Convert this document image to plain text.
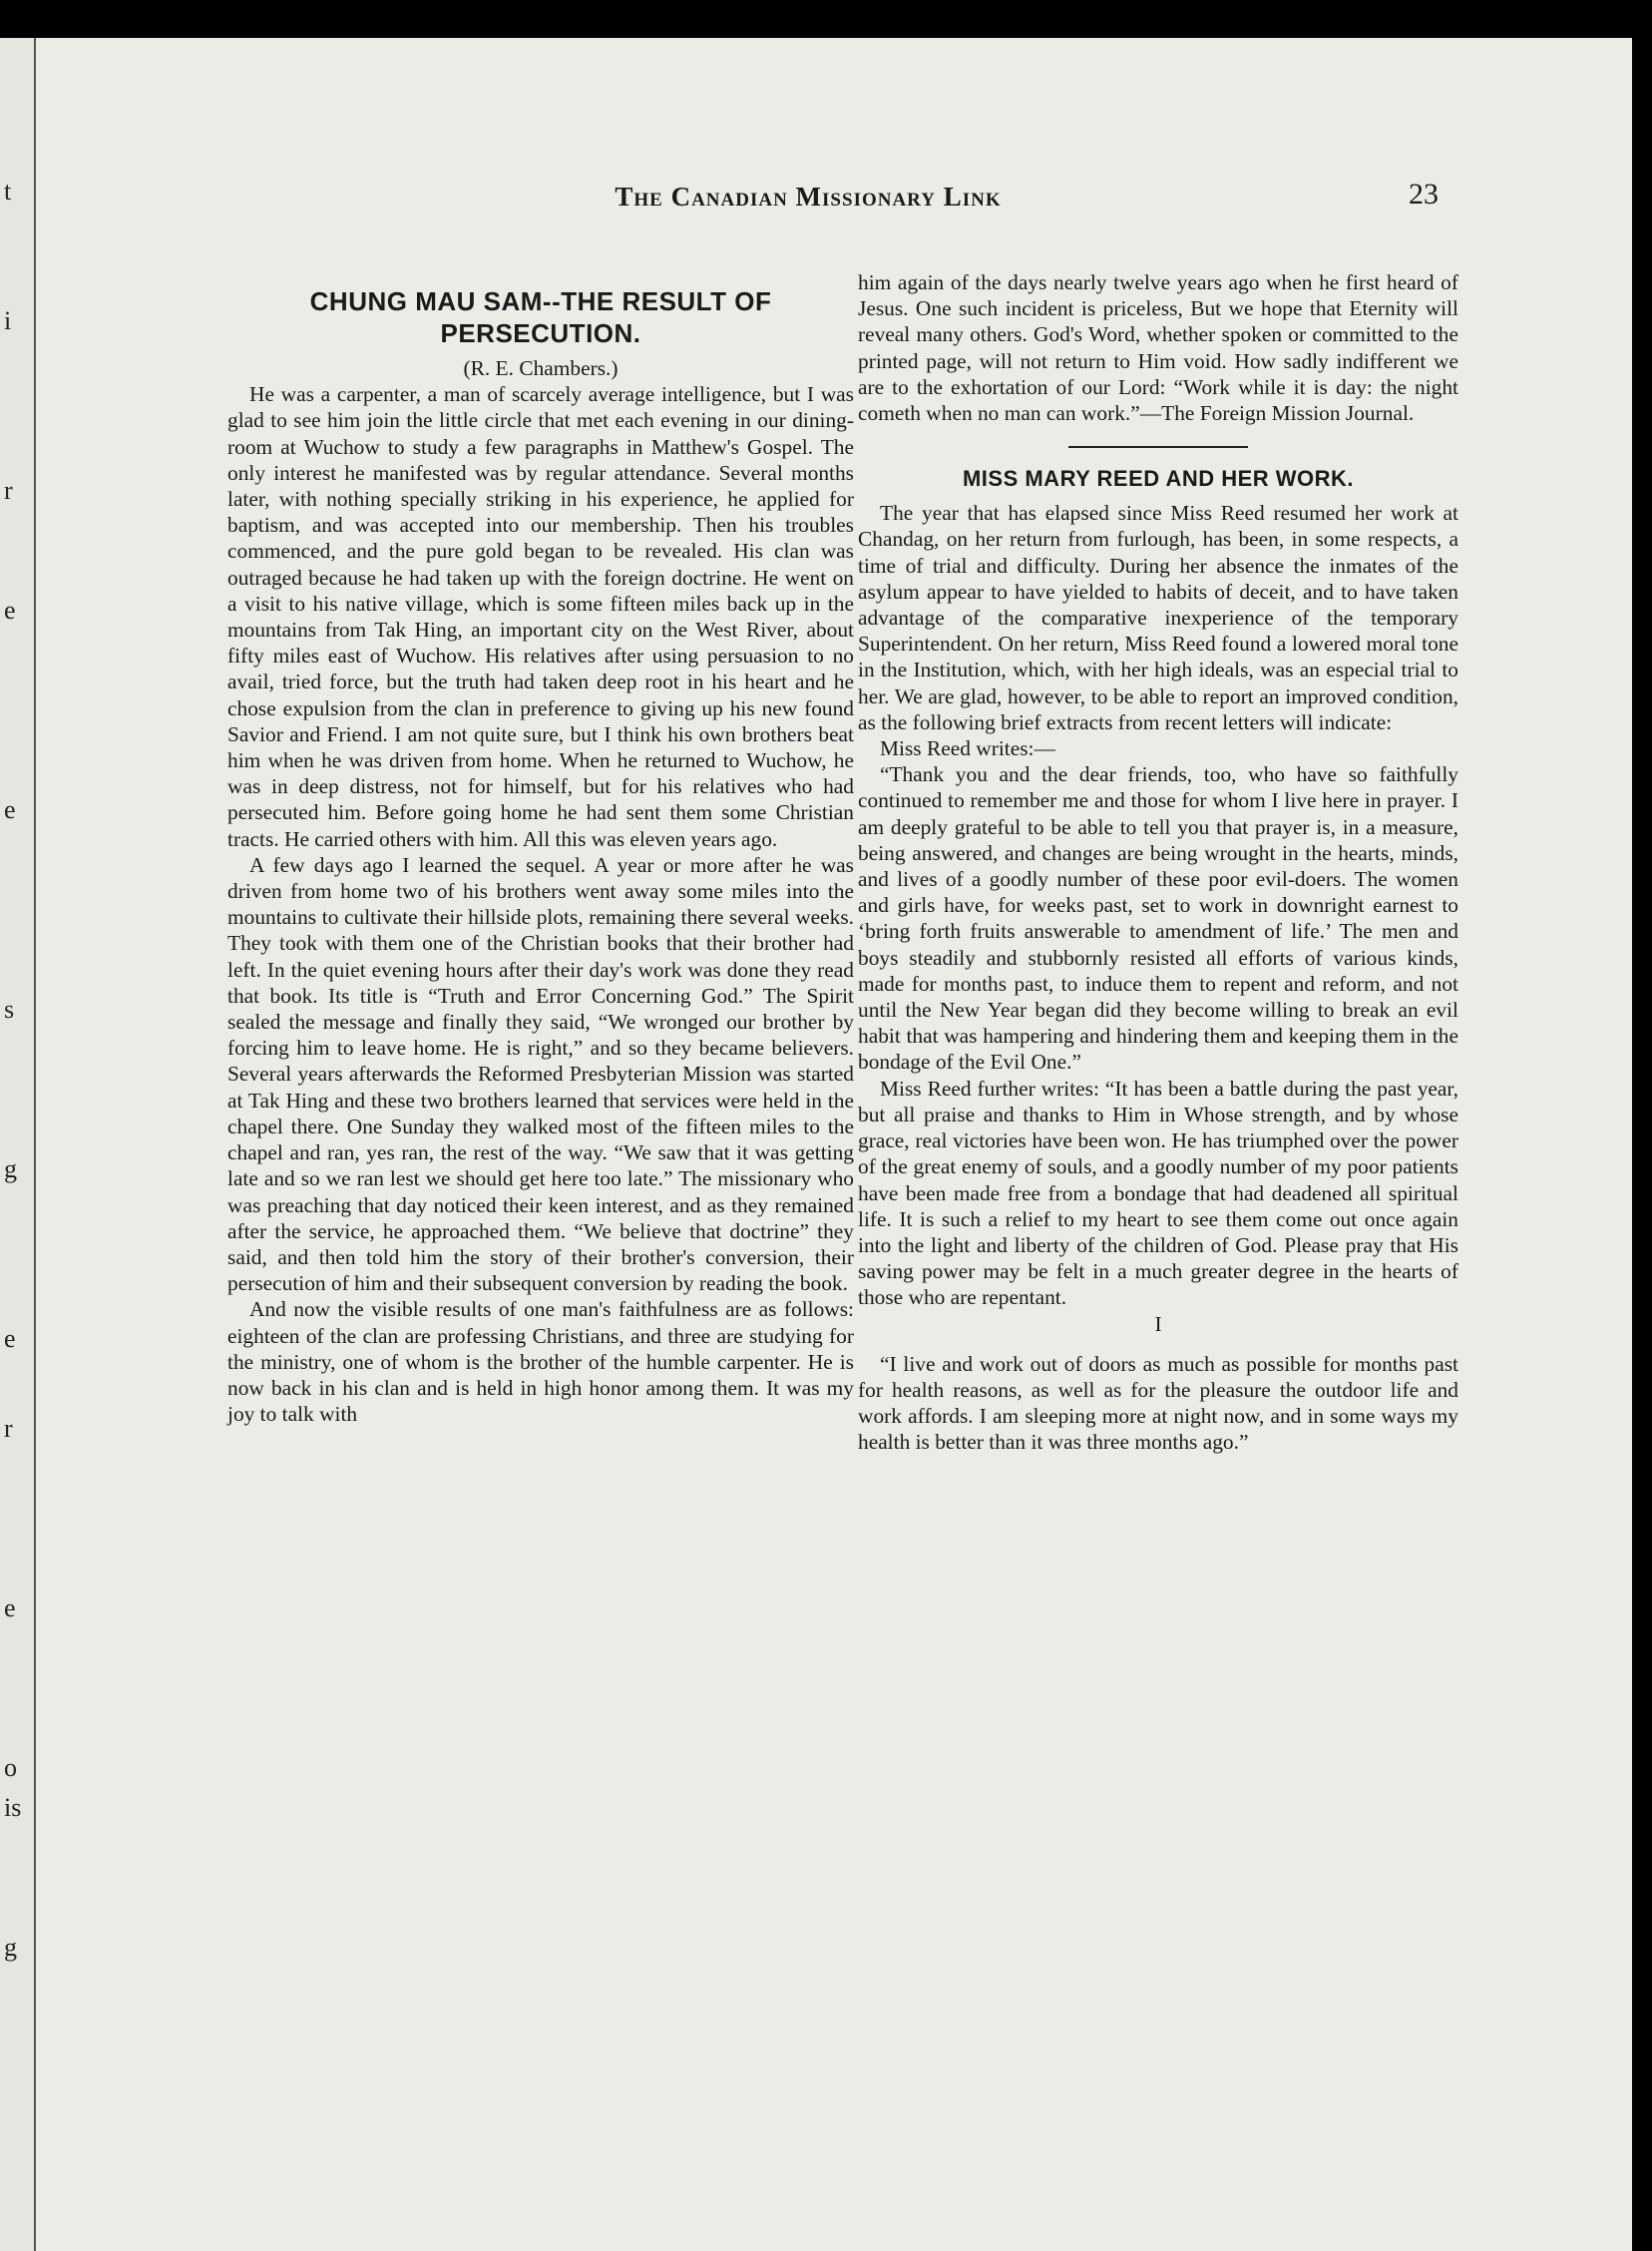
t
i
r
e
e
s
g
e
r
e
o
is
g
The Canadian Missionary Link	23
CHUNG MAU SAM--THE RESULT OF PERSECUTION.
(R. E. Chambers.)

He was a carpenter, a man of scarcely average intelligence, but I was glad to see him join the little circle that met each evening in our dining-room at Wuchow to study a few paragraphs in Matthew's Gospel. The only interest he manifested was by regular attendance. Several months later, with nothing specially striking in his experience, he applied for baptism, and was accepted into our membership. Then his troubles commenced, and the pure gold began to be revealed. His clan was outraged because he had taken up with the foreign doctrine. He went on a visit to his native village, which is some fifteen miles back up in the mountains from Tak Hing, an important city on the West River, about fifty miles east of Wuchow. His relatives after using persuasion to no avail, tried force, but the truth had taken deep root in his heart and he chose expulsion from the clan in preference to giving up his new found Savior and Friend. I am not quite sure, but I think his own brothers beat him when he was driven from home. When he returned to Wuchow, he was in deep distress, not for himself, but for his relatives who had persecuted him. Before going home he had sent them some Christian tracts. He carried others with him. All this was eleven years ago.

A few days ago I learned the sequel. A year or more after he was driven from home two of his brothers went away some miles into the mountains to cultivate their hillside plots, remaining there several weeks. They took with them one of the Christian books that their brother had left. In the quiet evening hours after their day's work was done they read that book. Its title is “Truth and Error Concerning God.” The Spirit sealed the message and finally they said, “We wronged our brother by forcing him to leave home. He is right,” and so they became believers. Several years afterwards the Reformed Presbyterian Mission was started at Tak Hing and these two brothers learned that services were held in the chapel there. One Sunday they walked most of the fifteen miles to the chapel and ran, yes ran, the rest of the way. “We saw that it was getting late and so we ran lest we should get here too late.” The missionary who was preaching that day noticed their keen interest, and as they remained after the service, he approached them. “We believe that doctrine” they said, and then told him the story of their brother's conversion, their persecution of him and their subsequent conversion by reading the book.

And now the visible results of one man's faithfulness are as follows: eighteen of the clan are professing Christians, and three are studying for the ministry, one of whom is the brother of the humble carpenter. He is now back in his clan and is held in high honor among them. It was my joy to talk with

him again of the days nearly twelve years ago when he first heard of Jesus. One such incident is priceless, But we hope that Eternity will reveal many others. God's Word, whether spoken or committed to the printed page, will not return to Him void. How sadly indifferent we are to the exhortation of our Lord: “Work while it is day: the night cometh when no man can work.”—The Foreign Mission Journal.

MISS MARY REED AND HER WORK.

The year that has elapsed since Miss Reed resumed her work at Chandag, on her return from furlough, has been, in some respects, a time of trial and difficulty. During her absence the inmates of the asylum appear to have yielded to habits of deceit, and to have taken advantage of the comparative inexperience of the temporary Superintendent. On her return, Miss Reed found a lowered moral tone in the Institution, which, with her high ideals, was an especial trial to her. We are glad, however, to be able to report an improved condition, as the following brief extracts from recent letters will indicate:

Miss Reed writes:—

“Thank you and the dear friends, too, who have so faithfully continued to remember me and those for whom I live here in prayer. I am deeply grateful to be able to tell you that prayer is, in a measure, being answered, and changes are being wrought in the hearts, minds, and lives of a goodly number of these poor evil-doers. The women and girls have, for weeks past, set to work in downright earnest to ‘bring forth fruits answerable to amendment of life.’ The men and boys steadily and stubbornly resisted all efforts of various kinds, made for months past, to induce them to repent and reform, and not until the New Year began did they become willing to break an evil habit that was hampering and hindering them and keeping them in the bondage of the Evil One.”

Miss Reed further writes: “It has been a battle during the past year, but all praise and thanks to Him in Whose strength, and by whose grace, real victories have been won. He has triumphed over the power of the great enemy of souls, and a goodly number of my poor patients have been made free from a bondage that had deadened all spiritual life. It is such a relief to my heart to see them come out once again into the light and liberty of the children of God. Please pray that His saving power may be felt in a much greater degree in the hearts of those who are repentant.

I

“I live and work out of doors as much as possible for months past for health reasons, as well as for the pleasure the outdoor life and work affords. I am sleeping more at night now, and in some ways my health is better than it was three months ago.”
